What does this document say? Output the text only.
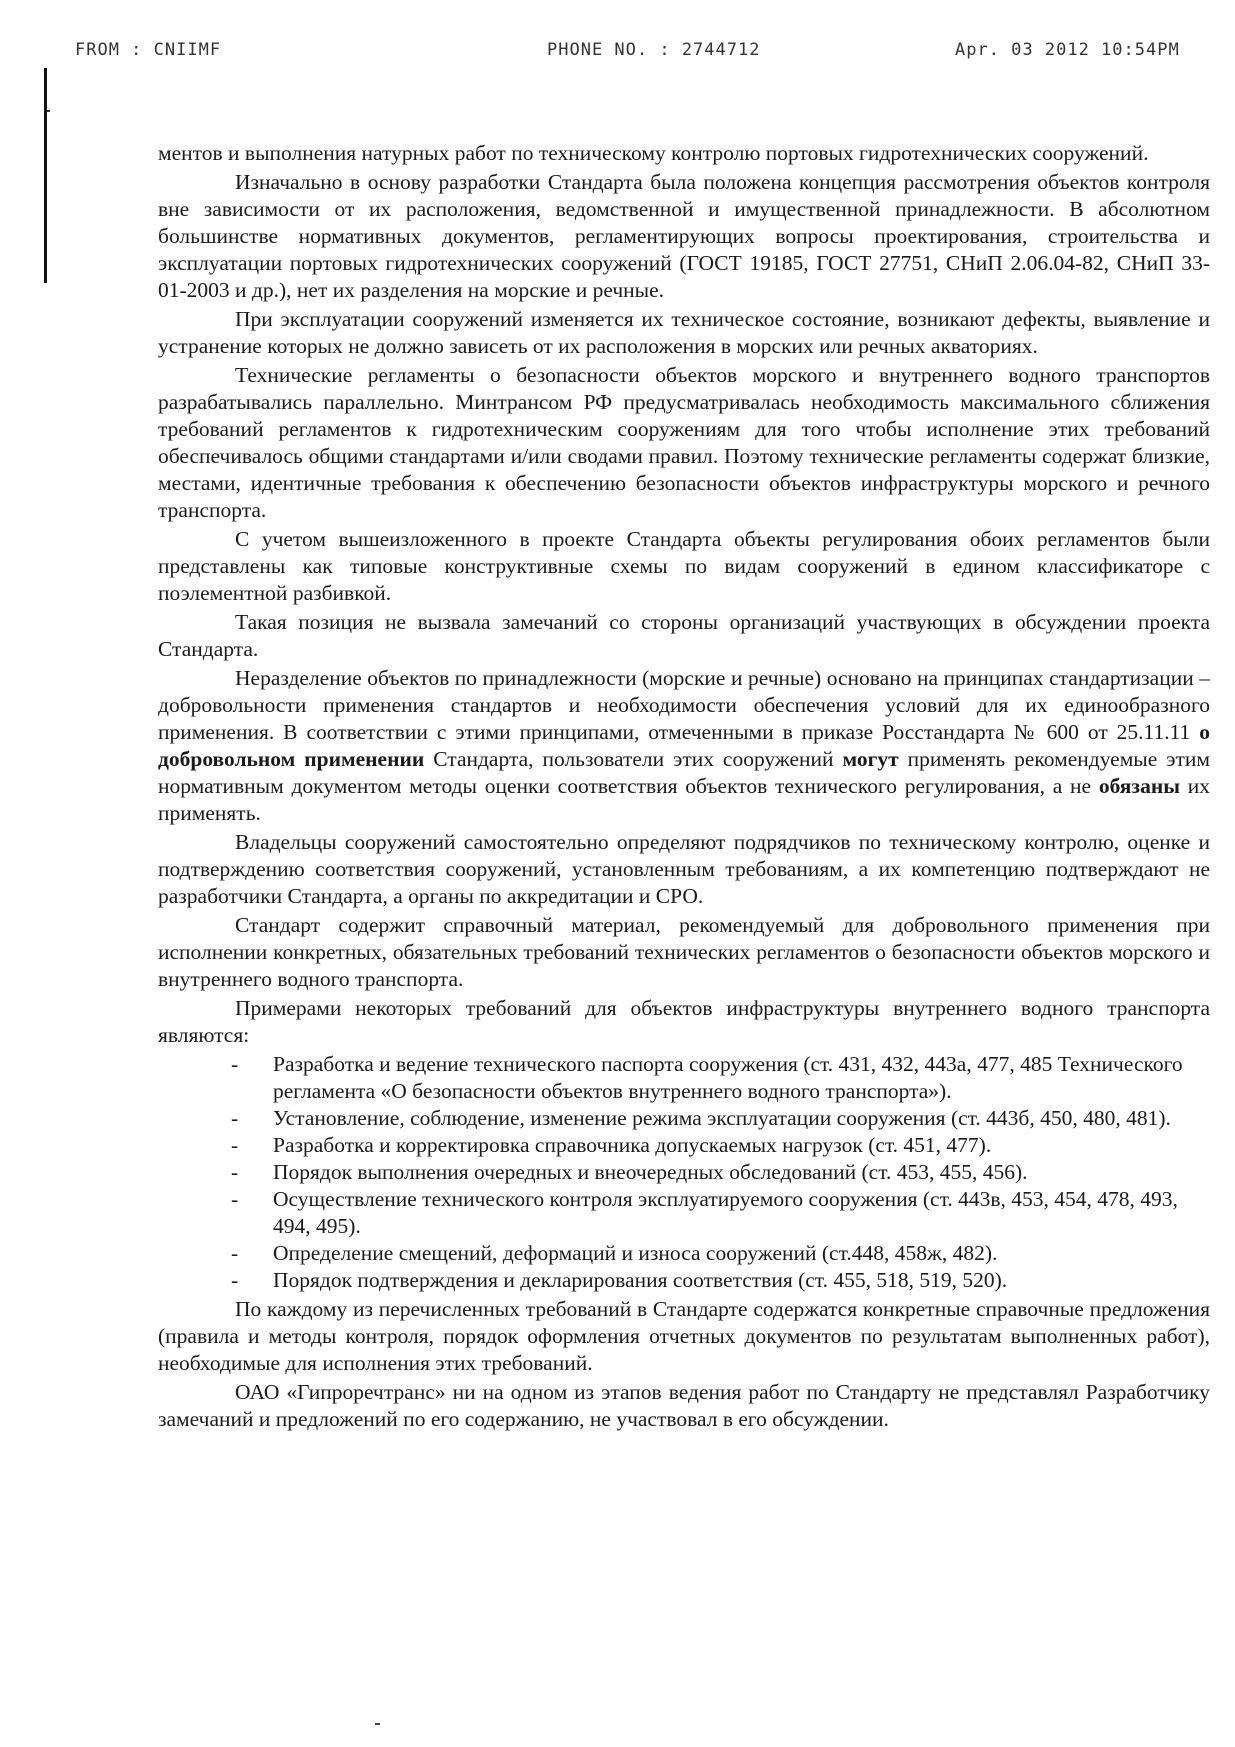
FROM : CNIIMF	PHONE NO. : 2744712	Apr. 03 2012 10:54PM

ментов и выполнения натурных работ по техническому контролю портовых гидротехнических сооружений.

Изначально в основу разработки Стандарта была положена концепция рассмотрения объектов контроля вне зависимости от их расположения, ведомственной и имущественной принадлежности. В абсолютном большинстве нормативных документов, регламентирующих вопросы проектирования, строительства и эксплуатации портовых гидротехнических сооружений (ГОСТ 19185, ГОСТ 27751, СНиП 2.06.04-82, СНиП 33-01-2003 и др.), нет их разделения на морские и речные.

При эксплуатации сооружений изменяется их техническое состояние, возникают дефекты, выявление и устранение которых не должно зависеть от их расположения в морских или речных акваториях.

Технические регламенты о безопасности объектов морского и внутреннего водного транспортов разрабатывались параллельно. Минтрансом РФ предусматривалась необходимость максимального сближения требований регламентов к гидротехническим сооружениям для того чтобы исполнение этих требований обеспечивалось общими стандартами и/или сводами правил. Поэтому технические регламенты содержат близкие, местами, идентичные требования к обеспечению безопасности объектов инфраструктуры морского и речного транспорта.

С учетом вышеизложенного в проекте Стандарта объекты регулирования обоих регламентов были представлены как типовые конструктивные схемы по видам сооружений в едином классификаторе с поэлементной разбивкой.

Такая позиция не вызвала замечаний со стороны организаций участвующих в обсуждении проекта Стандарта.

Неразделение объектов по принадлежности (морские и речные) основано на принципах стандартизации – добровольности применения стандартов и необходимости обеспечения условий для их единообразного применения. В соответствии с этими принципами, отмеченными в приказе Росстандарта № 600 от 25.11.11 о добровольном применении Стандарта, пользователи этих сооружений могут применять рекомендуемые этим нормативным документом методы оценки соответствия объектов технического регулирования, а не обязаны их применять.

Владельцы сооружений самостоятельно определяют подрядчиков по техническому контролю, оценке и подтверждению соответствия сооружений, установленным требованиям, а их компетенцию подтверждают не разработчики Стандарта, а органы по аккредитации и СРО.

Стандарт содержит справочный материал, рекомендуемый для добровольного применения при исполнении конкретных, обязательных требований технических регламентов о безопасности объектов морского и внутреннего водного транспорта.

Примерами некоторых требований для объектов инфраструктуры внутреннего водного транспорта являются:

- Разработка и ведение технического паспорта сооружения (ст. 431, 432, 443а, 477, 485 Технического регламента «О безопасности объектов внутреннего водного транспорта»).
- Установление, соблюдение, изменение режима эксплуатации сооружения (ст. 443б, 450, 480, 481).
- Разработка и корректировка справочника допускаемых нагрузок (ст. 451, 477).
- Порядок выполнения очередных и внеочередных обследований (ст. 453, 455, 456).
- Осуществление технического контроля эксплуатируемого сооружения (ст. 443в, 453, 454, 478, 493, 494, 495).
- Определение смещений, деформаций и износа сооружений (ст.448, 458ж, 482).
- Порядок подтверждения и декларирования соответствия (ст. 455, 518, 519, 520).

По каждому из перечисленных требований в Стандарте содержатся конкретные справочные предложения (правила и методы контроля, порядок оформления отчетных документов по результатам выполненных работ), необходимые для исполнения этих требований.

ОАО «Гипроречтранс» ни на одном из этапов ведения работ по Стандарту не представлял Разработчику замечаний и предложений по его содержанию, не участвовал в его обсуждении.
